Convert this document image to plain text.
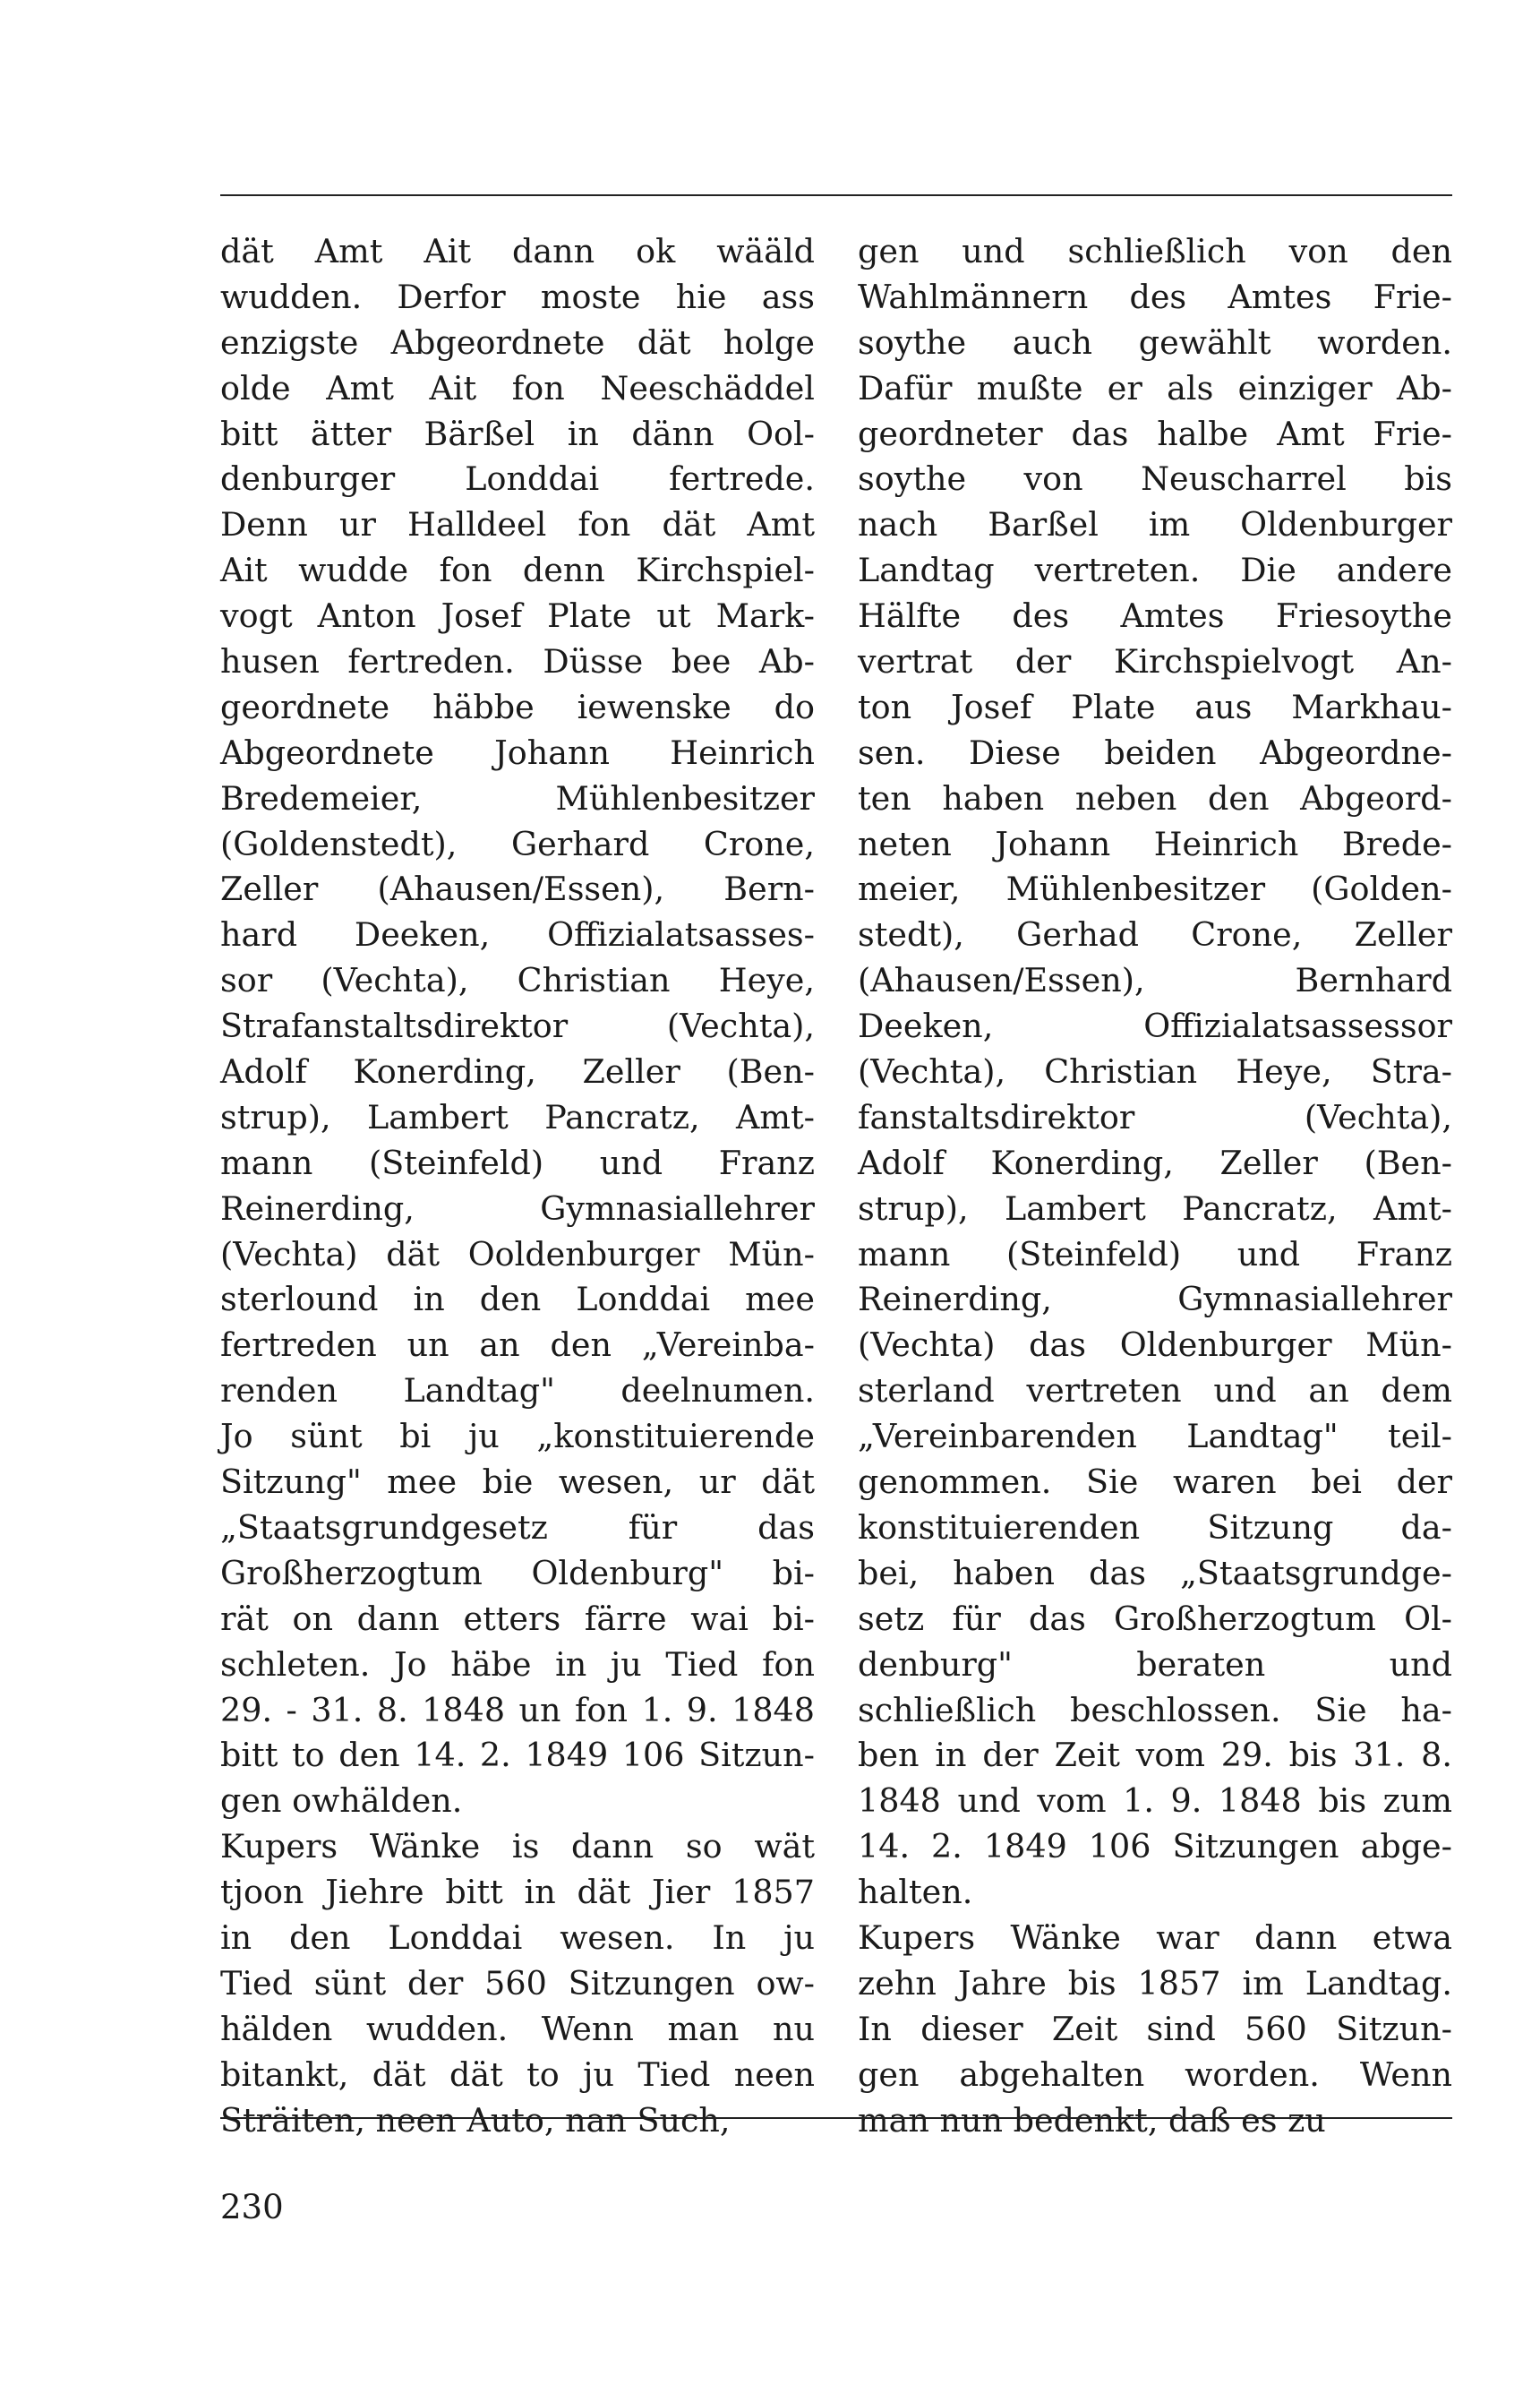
dät Amt Ait dann ok wääld
wudden. Derfor moste hie ass
enzigste Abgeordnete dät holge
olde Amt Ait fon Neeschäddel
bitt ätter Bärßel in dänn Ool-
denburger Londdai fertrede.
Denn ur Halldeel fon dät Amt
Ait wudde fon denn Kirchspiel-
vogt Anton Josef Plate ut Mark-
husen fertreden. Düsse bee Ab-
geordnete häbbe iewenske do
Abgeordnete Johann Heinrich
Bredemeier, Mühlenbesitzer
(Goldenstedt), Gerhard Crone,
Zeller (Ahausen/Essen), Bern-
hard Deeken, Offizialatsasses-
sor (Vechta), Christian Heye,
Strafanstaltsdirektor (Vechta),
Adolf Konerding, Zeller (Ben-
strup), Lambert Pancratz, Amt-
mann (Steinfeld) und Franz
Reinerding, Gymnasiallehrer
(Vechta) dät Ooldenburger Mün-
sterlound in den Londdai mee
fertreden un an den „Vereinba-
renden Landtag" deelnumen.
Jo sünt bi ju „konstituierende
Sitzung" mee bie wesen, ur dät
„Staatsgrundgesetz für das
Großherzogtum Oldenburg" bi-
rät on dann etters färre wai bi-
schleten. Jo häbe in ju Tied fon
29. - 31. 8. 1848 un fon 1. 9. 1848
bitt to den 14. 2. 1849 106 Sitzun-
gen owhälden.
Kupers Wänke is dann so wät
tjoon Jiehre bitt in dät Jier 1857
in den Londdai wesen. In ju
Tied sünt der 560 Sitzungen ow-
hälden wudden. Wenn man nu
bitankt, dät dät to ju Tied neen
Sträiten, neen Auto, nan Such,
gen und schließlich von den
Wahlmännern des Amtes Frie-
soythe auch gewählt worden.
Dafür mußte er als einziger Ab-
geordneter das halbe Amt Frie-
soythe von Neuscharrel bis
nach Barßel im Oldenburger
Landtag vertreten. Die andere
Hälfte des Amtes Friesoythe
vertrat der Kirchspielvogt An-
ton Josef Plate aus Markhau-
sen. Diese beiden Abgeordne-
ten haben neben den Abgeord-
neten Johann Heinrich Brede-
meier, Mühlenbesitzer (Golden-
stedt), Gerhad Crone, Zeller
(Ahausen/Essen), Bernhard
Deeken, Offizialatsassessor
(Vechta), Christian Heye, Stra-
fanstaltsdirektor (Vechta),
Adolf Konerding, Zeller (Ben-
strup), Lambert Pancratz, Amt-
mann (Steinfeld) und Franz
Reinerding, Gymnasiallehrer
(Vechta) das Oldenburger Mün-
sterland vertreten und an dem
„Vereinbarenden Landtag" teil-
genommen. Sie waren bei der
konstituierenden Sitzung da-
bei, haben das „Staatsgrundge-
setz für das Großherzogtum Ol-
denburg" beraten und
schließlich beschlossen. Sie ha-
ben in der Zeit vom 29. bis 31. 8.
1848 und vom 1. 9. 1848 bis zum
14. 2. 1849 106 Sitzungen abge-
halten.
Kupers Wänke war dann etwa
zehn Jahre bis 1857 im Landtag.
In dieser Zeit sind 560 Sitzun-
gen abgehalten worden. Wenn
man nun bedenkt, daß es zu
230
